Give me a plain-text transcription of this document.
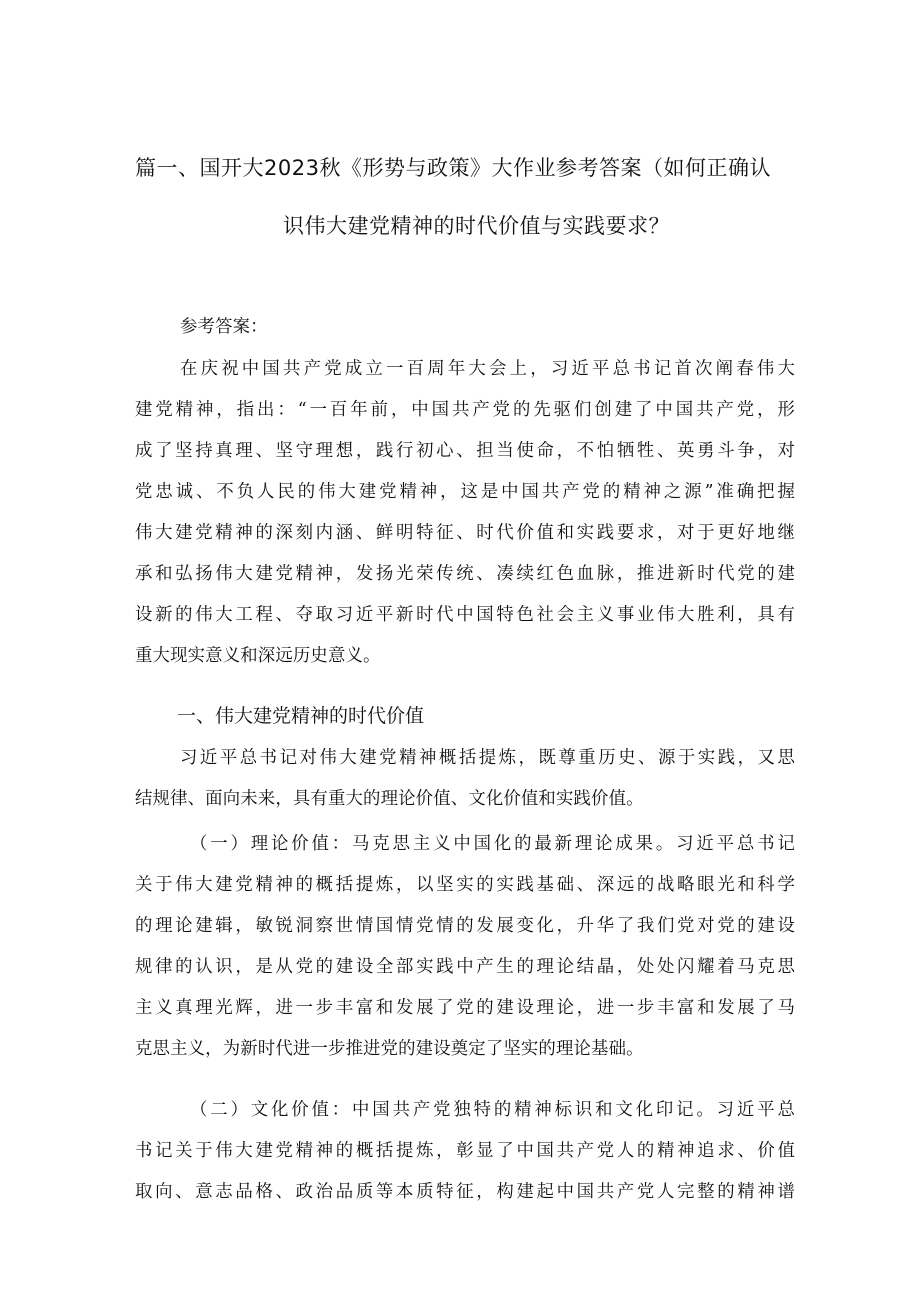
篇一、国开大2023秋《形势与政策》大作业参考答案（如何正确认
识伟大建党精神的时代价值与实践要求？
参考答案：
在庆祝中国共产党成立一百周年大会上，习近平总书记首次阐春伟大
建党精神，指出：“一百年前，中国共产党的先驱们创建了中国共产党，形
成了坚持真理、坚守理想，践行初心、担当使命，不怕牺牲、英勇斗争，对
党忠诚、不负人民的伟大建党精神，这是中国共产党的精神之源”准确把握
伟大建党精神的深刻内涵、鲜明特征、时代价值和实践要求，对于更好地继
承和弘扬伟大建党精神，发扬光荣传统、凑续红色血脉，推进新时代党的建
设新的伟大工程、夺取习近平新时代中国特色社会主义事业伟大胜利，具有
重大现实意义和深远历史意义。
一、伟大建党精神的时代价值
习近平总书记对伟大建党精神概括提炼，既尊重历史、源于实践，又思
结规律、面向未来，具有重大的理论价值、文化价值和实践价值。
（一）理论价值：马克思主义中国化的最新理论成果。习近平总书记
关于伟大建党精神的概括提炼，以坚实的实践基础、深远的战略眼光和科学
的理论建辑，敏锐洞察世情国情党情的发展变化，升华了我们党对党的建设
规律的认识，是从党的建设全部实践中产生的理论结晶，处处闪耀着马克思
主义真理光辉，进一步丰富和发展了党的建设理论，进一步丰富和发展了马
克思主义，为新时代进一步推进党的建设奠定了坚实的理论基础。
（二）文化价值：中国共产党独特的精神标识和文化印记。习近平总
书记关于伟大建党精神的概括提炼，彰显了中国共产党人的精神追求、价值
取向、意志品格、政治品质等本质特征，构建起中国共产党人完整的精神谱
